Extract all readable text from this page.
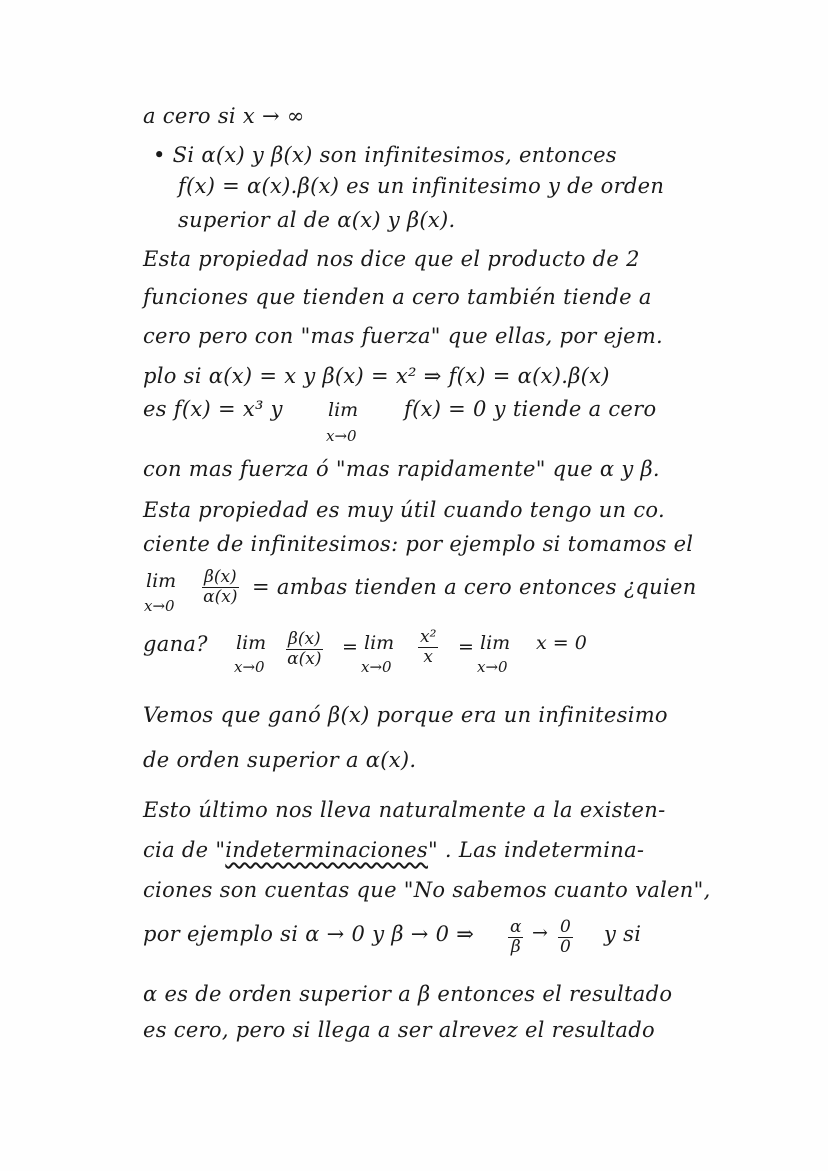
a cero si x → ∞
• Si α(x) y β(x) son infinitesimos, entonces
f(x) = α(x).β(x) es un infinitesimo y de orden
superior al de α(x) y β(x).
Esta propiedad nos dice que el producto de 2
funciones que tienden a cero también tiende a
cero pero con "mas fuerza" que ellas, por ejem.
plo si α(x) = x y β(x) = x² ⇒ f(x) = α(x).β(x)
es f(x) = x³ y lim
x→0
f(x) = 0 y tiende a cero
con mas fuerza ó "mas rapidamente" que α y β.
Esta propiedad es muy útil cuando tengo un co.
ciente de infinitesimos: por ejemplo si tomamos el
lim
$x\to 0 \frac{\beta(x)}{\alpha(x)}$ = ambas tienden a cero entonces ¿quien
gana? lim
$x\to 0 \frac{\beta(x)}{\alpha(x)} = \lim$
x→0
$\frac{\text{x²}}{x} = \lim$
x→0
x = 0
Vemos que ganó β(x) porque era un infinitesimo
de orden superior a α(x).
Esto último nos lleva naturalmente a la existen-
cia de "indeterminaciones" . Las indetermina-
ciones son cuentas que "No sabemos cuanto valen",
por ejemplo si α → 0 y β → 0 ⇒ $\frac{\alpha}{\beta} \to \frac{0}{0}$ y si
α es de orden superior a β entonces el resultado
es cero, pero si llega a ser alrevez el resultado
